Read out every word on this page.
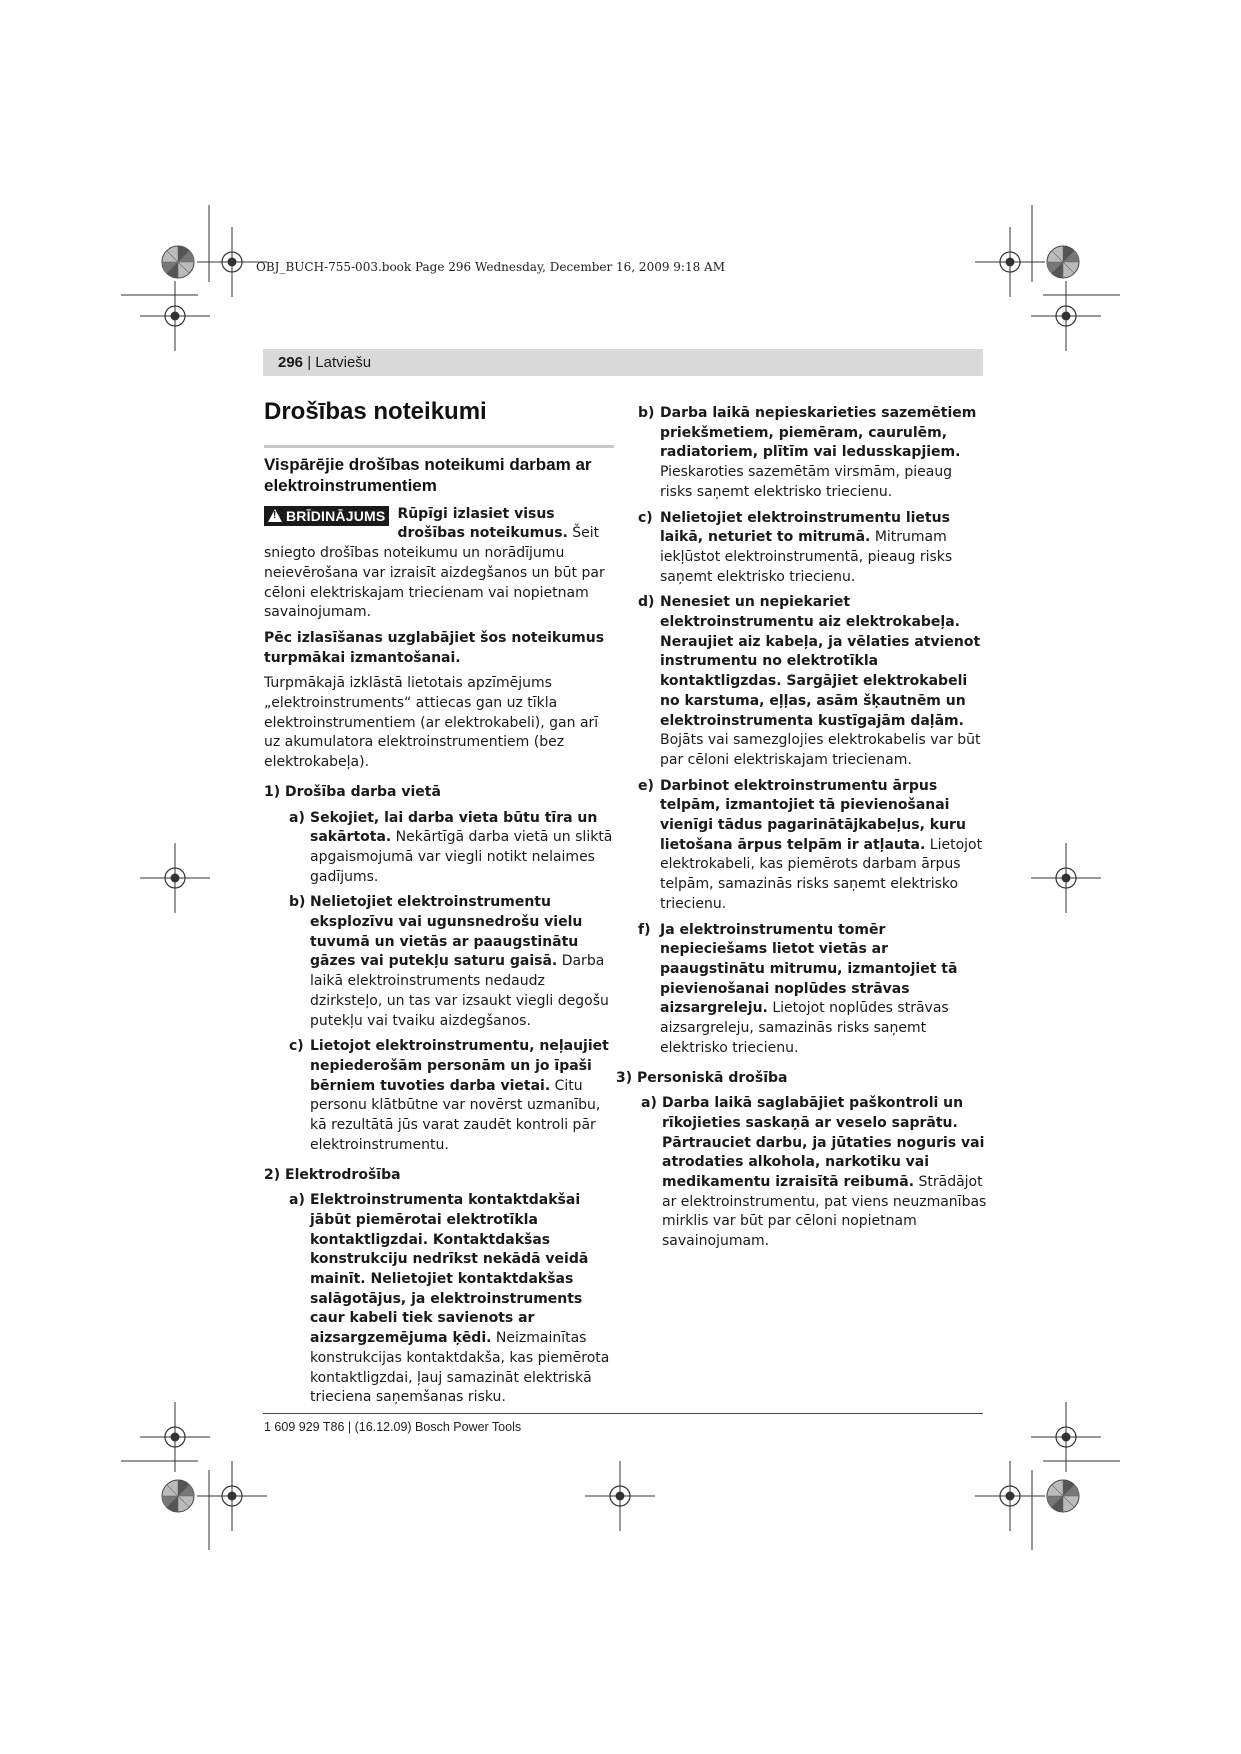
OBJ_BUCH-755-003.book Page 296 Wednesday, December 16, 2009 9:18 AM
296 | Latviešu
Drošības noteikumi
Vispārējie drošības noteikumi darbam ar elektroinstrumentiem

!BRĪDINĀJUMS Rūpīgi izlasiet visus drošības noteikumus. Šeit sniegto drošības noteikumu un norādījumu neievērošana var izraisīt aizdegšanos un būt par cēloni elektriskajam triecienam vai nopietnam savainojumam.

Pēc izlasīšanas uzglabājiet šos noteikumus turpmākai izmantošanai.

Turpmākajā izklāstā lietotais apzīmējums „elektroinstruments“ attiecas gan uz tīkla elektroinstrumentiem (ar elektrokabeli), gan arī uz akumulatora elektroinstrumentiem (bez elektrokabeļa).

1) Drošība darba vietā
a) Sekojiet, lai darba vieta būtu tīra un sakārtota. Nekārtīgā darba vietā un sliktā apgaismojumā var viegli notikt nelaimes gadījums.
b) Nelietojiet elektroinstrumentu eksplozīvu vai ugunsnedrošu vielu tuvumā un vietās ar paaugstinātu gāzes vai putekļu saturu gaisā. Darba laikā elektroinstruments nedaudz dzirksteļo, un tas var izsaukt viegli degošu putekļu vai tvaiku aizdegšanos.
c) Lietojot elektroinstrumentu, neļaujiet nepiederošām personām un jo īpaši bērniem tuvoties darba vietai. Citu personu klātbūtne var novērst uzmanību, kā rezultātā jūs varat zaudēt kontroli pār elektroinstrumentu.
2) Elektrodrošība
a) Elektroinstrumenta kontaktdakšai jābūt piemērotai elektrotīkla kontaktligzdai. Kontaktdakšas konstrukciju nedrīkst nekādā veidā mainīt. Nelietojiet kontaktdakšas salāgotājus, ja elektroinstruments caur kabeli tiek savienots ar aizsargzemējuma ķēdi. Neizmainītas konstrukcijas kontaktdakša, kas piemērota kontaktligzdai, ļauj samazināt elektriskā trieciena saņemšanas risku.
b) Darba laikā nepieskarieties sazemētiem priekšmetiem, piemēram, caurulēm, radiatoriem, plītīm vai ledusskapjiem. Pieskaroties sazemētām virsmām, pieaug risks saņemt elektrisko triecienu.
c) Nelietojiet elektroinstrumentu lietus laikā, neturiet to mitrumā. Mitrumam iekļūstot elektroinstrumentā, pieaug risks saņemt elektrisko triecienu.
d) Nenesiet un nepiekariet elektroinstrumentu aiz elektrokabeļa. Neraujiet aiz kabeļa, ja vēlaties atvienot instrumentu no elektrotīkla kontaktligzdas. Sargājiet elektrokabeli no karstuma, eļļas, asām šķautnēm un elektroinstrumenta kustīgajām daļām. Bojāts vai samezglojies elektrokabelis var būt par cēloni elektriskajam triecienam.
e) Darbinot elektroinstrumentu ārpus telpām, izmantojiet tā pievienošanai vienīgi tādus pagarinātājkabeļus, kuru lietošana ārpus telpām ir atļauta. Lietojot elektrokabeli, kas piemērots darbam ārpus telpām, samazinās risks saņemt elektrisko triecienu.
f) Ja elektroinstrumentu tomēr nepieciešams lietot vietās ar paaugstinātu mitrumu, izmantojiet tā pievienošanai noplūdes strāvas aizsargreleju. Lietojot noplūdes strāvas aizsargreleju, samazinās risks saņemt elektrisko triecienu.
3) Personiskā drošība
a) Darba laikā saglabājiet paškontroli un rīkojieties saskaņā ar veselo saprātu. Pārtrauciet darbu, ja jūtaties noguris vai atrodaties alkohola, narkotiku vai medikamentu izraisītā reibumā. Strādājot ar elektroinstrumentu, pat viens neuzmanības mirklis var būt par cēloni nopietnam savainojumam.
1 609 929 T86 | (16.12.09) Bosch Power Tools
